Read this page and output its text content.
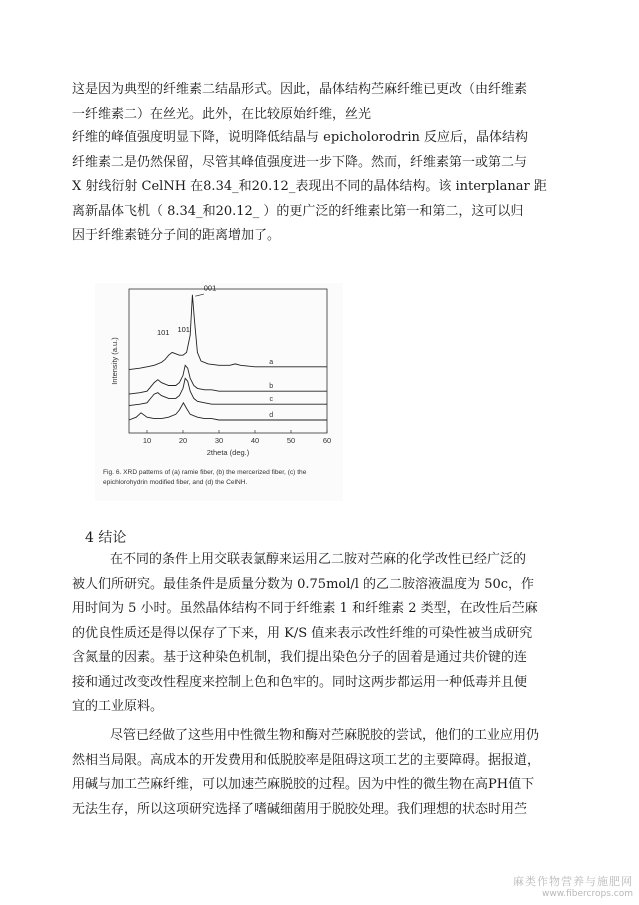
这是因为典型的纤维素二结晶形式。因此，晶体结构苎麻纤维已更改（由纤维素
一纤维素二）在丝光。此外，在比较原始纤维，丝光
纤维的峰值强度明显下降，说明降低结晶与 epicholorodrin 反应后，晶体结构
纤维素二是仍然保留，尽管其峰值强度进一步下降。然而，纤维素第一或第二与
X 射线衍射 CelNH 在8.34_和20.12_表现出不同的晶体结构。该 interplanar 距
离新晶体飞机（ 8.34_和20.12_ ）的更广泛的纤维素比第一和第二，这可以归
因于纤维素链分子间的距离增加了。
10	20	30	40	50	60
2theta (deg.)
Intensity (a.u.)	a
b
c
d
001
101 101
Fig. 6. XRD patterns of (a) ramie fiber, (b) the mercerized fiber, (c) the
epichlorohydrin modified fiber, and (d) the CelNH.
4 结论
在不同的条件上用交联表氯醇来运用乙二胺对苎麻的化学改性已经广泛的
被人们所研究。最佳条件是质量分数为 0.75mol/l 的乙二胺溶液温度为 50c，作
用时间为 5 小时。虽然晶体结构不同于纤维素 1 和纤维素 2 类型，在改性后苎麻
的优良性质还是得以保存了下来，用 K/S 值来表示改性纤维的可染性被当成研究
含氮量的因素。基于这种染色机制，我们提出染色分子的固着是通过共价键的连
接和通过改变改性程度来控制上色和色牢的。同时这两步都运用一种低毒并且便
宜的工业原料。
尽管已经做了这些用中性微生物和酶对苎麻脱胶的尝试，他们的工业应用仍
然相当局限。高成本的开发费用和低脱胶率是阻碍这项工艺的主要障碍。据报道，
用碱与加工苎麻纤维，可以加速苎麻脱胶的过程。因为中性的微生物在高PH值下
无法生存，所以这项研究选择了嗜碱细菌用于脱胶处理。我们理想的状态时用苎
麻类作物营养与施肥网
www.fibercrops.com
